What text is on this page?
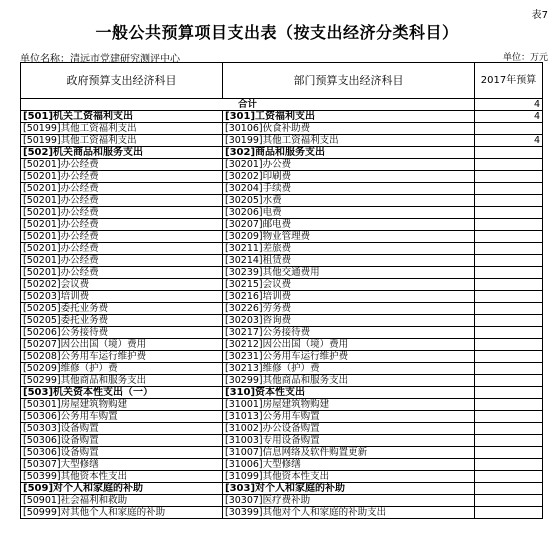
表7
一般公共预算项目支出表（按支出经济分类科目）
单位名称：清远市党建研究测评中心	单位：万元
政府预算支出经济科目	部门预算支出经济科目	2017年预算
合计		4
[501]机关工资福利支出	[301]工资福利支出	4
[50199]其他工资福利支出	[30106]伙食补助费	
[50199]其他工资福利支出	[30199]其他工资福利支出	4
[502]机关商品和服务支出	[302]商品和服务支出	
[50201]办公经费	[30201]办公费	
[50201]办公经费	[30202]印刷费	
[50201]办公经费	[30204]手续费	
[50201]办公经费	[30205]水费	
[50201]办公经费	[30206]电费	
[50201]办公经费	[30207]邮电费	
[50201]办公经费	[30209]物业管理费	
[50201]办公经费	[30211]差旅费	
[50201]办公经费	[30214]租赁费	
[50201]办公经费	[30239]其他交通费用	
[50202]会议费	[30215]会议费	
[50203]培训费	[30216]培训费	
[50205]委托业务费	[30226]劳务费	
[50205]委托业务费	[30203]咨询费	
[50206]公务接待费	[30217]公务接待费	
[50207]因公出国（境）费用	[30212]因公出国（境）费用	
[50208]公务用车运行维护费	[30231]公务用车运行维护费	
[50209]维修（护）费	[30213]维修（护）费	
[50299]其他商品和服务支出	[30299]其他商品和服务支出	
[503]机关资本性支出（一）	[310]资本性支出	
[50301]房屋建筑物购建	[31001]房屋建筑物购建	
[50306]公务用车购置	[31013]公务用车购置	
[50303]设备购置	[31002]办公设备购置	
[50306]设备购置	[31003]专用设备购置	
[50306]设备购置	[31007]信息网络及软件购置更新	
[50307]大型修缮	[31006]大型修缮	
[50399]其他资本性支出	[31099]其他资本性支出	
[509]对个人和家庭的补助	[303]对个人和家庭的补助	
[50901]社会福利和救助	[30307]医疗费补助	
[50999]对其他个人和家庭的补助	[30399]其他对个人和家庭的补助支出	
